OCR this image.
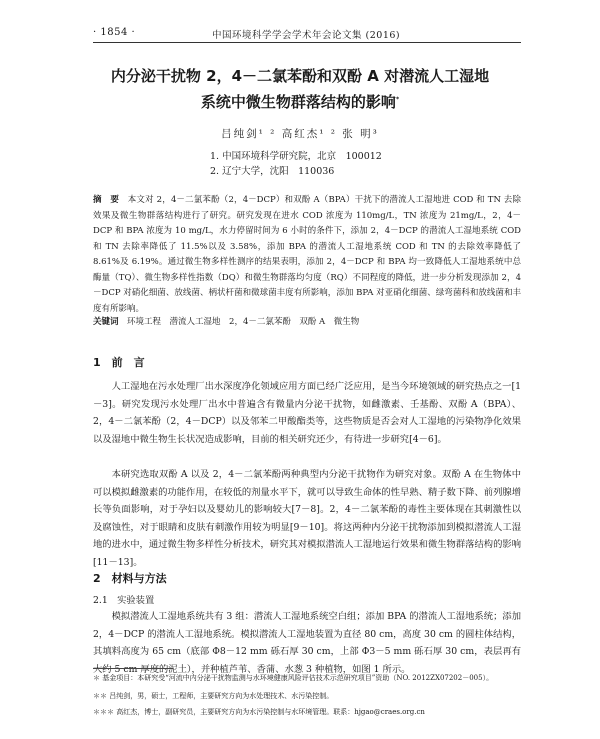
· 1854 ·	中国环境科学学会学术年会论文集 (2016)
内分泌干扰物 2，4－二氯苯酚和双酚 A 对潜流人工湿地
系统中微生物群落结构的影响*
吕纯剑¹ ² 高红杰¹ ² 张 明³
1. 中国环境科学研究院，北京　100012
2. 辽宁大学，沈阳　110036
摘　要　 本文对 2，4－二氯苯酚（2，4－DCP）和双酚 A（BPA）干扰下的潜流人工湿地进 COD 和 TN 去除效果及微生物群落结构进行了研究。研究发现在进水 COD 浓度为 110mg/L，TN 浓度为 21mg/L，2，4－DCP 和 BPA 浓度为 10 mg/L，水力停留时间为 6 小时的条件下，添加 2，4－DCP 的潜流人工湿地系统 COD 和 TN 去除率降低了 11.5%以及 3.58%，添加 BPA 的潜流人工湿地系统 COD 和 TN 的去除效率降低了 8.61%及 6.19%。通过微生物多样性测序的结果表明，添加 2，4－DCP 和 BPA 均一致降低人工湿地系统中总酶量（TQ）、微生物多样性指数（DQ）和微生物群落均匀度（RQ）不同程度的降低，进一步分析发现添加 2，4－DCP 对硝化细菌、放线菌、柄状杆菌和微球菌丰度有所影响，添加 BPA 对亚硝化细菌、绿弯菌科和放线菌和丰度有所影响。
关键词　 环境工程　潜流人工湿地　2，4－二氯苯酚　双酚 A　微生物
1　前　言
人工湿地在污水处理厂出水深度净化领域应用方面已经广泛应用，是当今环境领域的研究热点之一[1－3]。研究发现污水处理厂出水中普遍含有微量内分泌干扰物，如雌激素、壬基酚、双酚 A（BPA）、2，4－二氯苯酚（2，4－DCP）以及邻苯二甲酸酯类等，这些物质是否会对人工湿地的污染物净化效果以及湿地中微生物生长状况造成影响，目前的相关研究还少，有待进一步研究[4－6]。
本研究选取双酚 A 以及 2，4－二氯苯酚两种典型内分泌干扰物作为研究对象。双酚 A 在生物体中可以模拟雌激素的功能作用，在较低的剂量水平下，就可以导致生命体的性早熟、精子数下降、前列腺增长等负面影响，对于孕妇以及婴幼儿的影响较大[7－8]。2，4－二氯苯酚的毒性主要体现在其刺激性以及腐蚀性，对于眼睛和皮肤有刺激作用较为明显[9－10]。将这两种内分泌干扰物添加到模拟潜流人工湿地的进水中，通过微生物多样性分析技术，研究其对模拟潜流人工湿地运行效果和微生物群落结构的影响[11－13]。
2　材料与方法
2.1　实验装置
模拟潜流人工湿地系统共有 3 组：潜流人工湿地系统空白组；添加 BPA 的潜流人工湿地系统；添加 2，4－DCP 的潜流人工湿地系统。模拟潜流人工湿地装置为直径 80 cm，高度 30 cm 的圆柱体结构，其填料高度为 65 cm（底部 Φ8－12 mm 砾石厚 30 cm，上部 Φ3－5 mm 砾石厚 30 cm，表层再有大约 5 cm 厚度的泥土），并种植芦苇、香蒲、水葱 3 种植物，如图 1 所示。
＊ 基金项目：本研究受“河流中内分泌干扰物监测与水环境健康风险评估技术示范研究项目”资助（NO. 2012ZX07202－005）。
＊＊ 吕纯剑，男，硕士，工程师，主要研究方向为水处理技术、水污染控制。
＊＊＊ 高红杰，博士，副研究员，主要研究方向为水污染控制与水环境管理。联系：hjgao@craes.org.cn
